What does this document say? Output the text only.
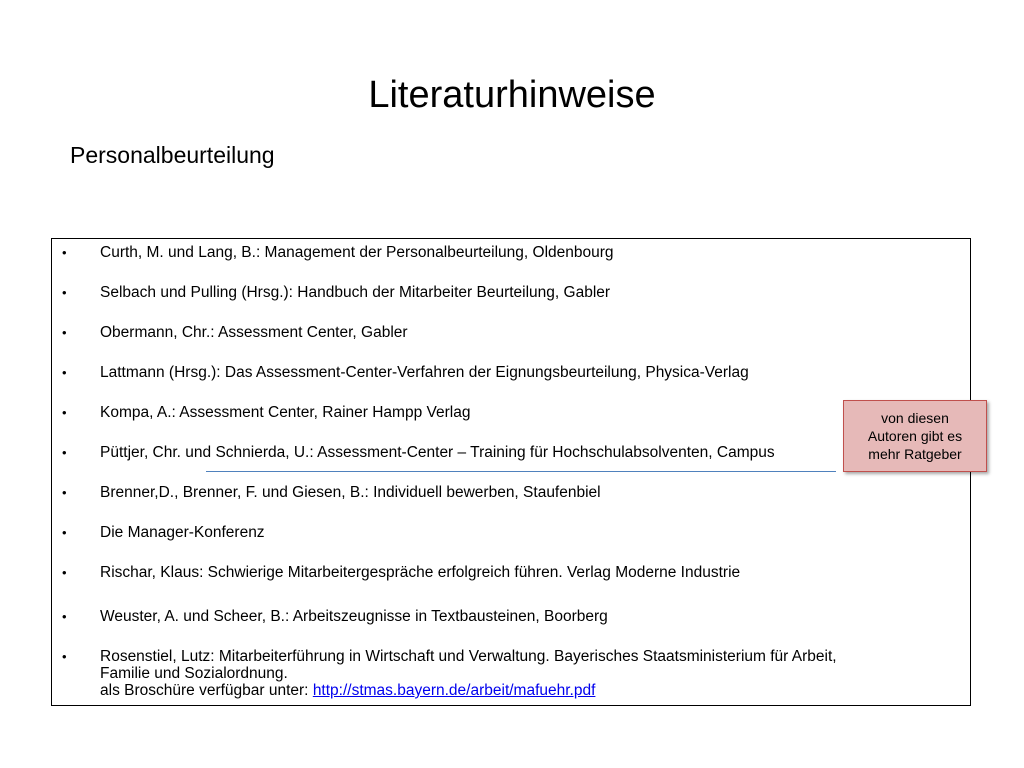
Literaturhinweise
Personalbeurteilung
• Curth, M. und Lang, B.: Management der Personalbeurteilung, Oldenbourg
• Selbach und Pulling (Hrsg.): Handbuch der Mitarbeiter Beurteilung, Gabler
• Obermann, Chr.: Assessment Center, Gabler
• Lattmann (Hrsg.): Das Assessment-Center-Verfahren der Eignungsbeurteilung, Physica-Verlag
• Kompa, A.: Assessment Center, Rainer Hampp Verlag
• Püttjer, Chr. und Schnierda, U.: Assessment-Center – Training für Hochschulabsolventen, Campus
• Brenner,D., Brenner, F. und Giesen, B.: Individuell bewerben, Staufenbiel
• Die Manager-Konferenz
• Rischar, Klaus: Schwierige Mitarbeitergespräche erfolgreich führen. Verlag Moderne Industrie
• Weuster, A. und Scheer, B.: Arbeitszeugnisse in Textbausteinen, Boorberg
• Rosenstiel, Lutz: Mitarbeiterführung in Wirtschaft und Verwaltung. Bayerisches Staatsministerium für Arbeit,
Familie und Sozialordnung.
als Broschüre verfügbar unter: http://stmas.bayern.de/arbeit/mafuehr.pdf
von diesen
Autoren gibt es
mehr Ratgeber
